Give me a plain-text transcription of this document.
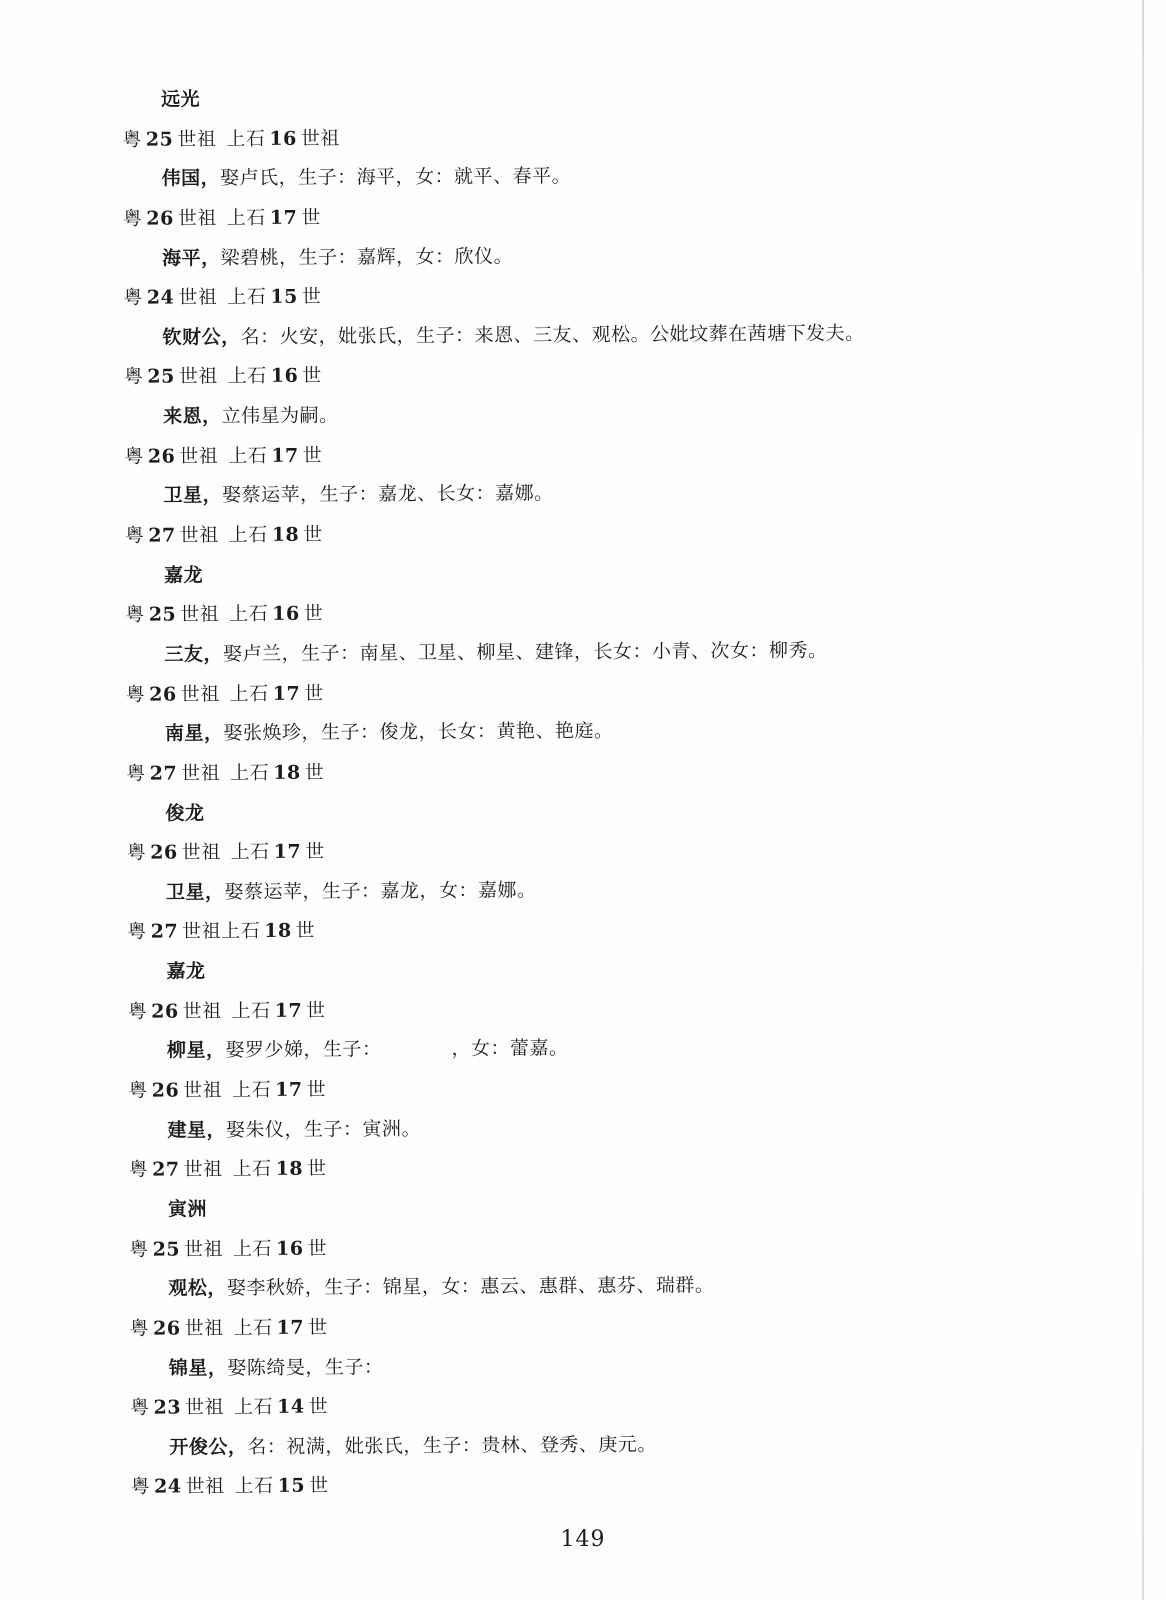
远光
粤 25 世祖 上石 16 世祖
伟国，娶卢氏，生子：海平，女：就平、春平。
粤 26 世祖 上石 17 世
海平，梁碧桃，生子：嘉辉，女：欣仪。
粤 24 世祖 上石 15 世
钦财公，名：火安，妣张氏，生子：来恩、三友、观松。公妣坟葬在茜塘下发夫。
粤 25 世祖 上石 16 世
来恩，立伟星为嗣。
粤 26 世祖 上石 17 世
卫星，娶蔡运苹，生子：嘉龙、长女：嘉娜。
粤 27 世祖 上石 18 世
嘉龙
粤 25 世祖 上石 16 世
三友，娶卢兰，生子：南星、卫星、柳星、建锋，长女：小青、次女：柳秀。
粤 26 世祖 上石 17 世
南星，娶张焕珍，生子：俊龙，长女：黄艳、艳庭。
粤 27 世祖 上石 18 世
俊龙
粤 26 世祖 上石 17 世
卫星，娶蔡运苹，生子：嘉龙，女：嘉娜。
粤 27 世祖上石 18 世
嘉龙
粤 26 世祖 上石 17 世
柳星，娶罗少娣，生子：	，女：蕾嘉。
粤 26 世祖 上石 17 世
建星，娶朱仪，生子：寅洲。
粤 27 世祖 上石 18 世
寅洲
粤 25 世祖 上石 16 世
观松，娶李秋娇，生子：锦星，女：惠云、惠群、惠芬、瑞群。
粤 26 世祖 上石 17 世
锦星，娶陈绮旻，生子：
粤 23 世祖 上石 14 世
开俊公，名：祝满，妣张氏，生子：贵林、登秀、庚元。
粤 24 世祖 上石 15 世
149
